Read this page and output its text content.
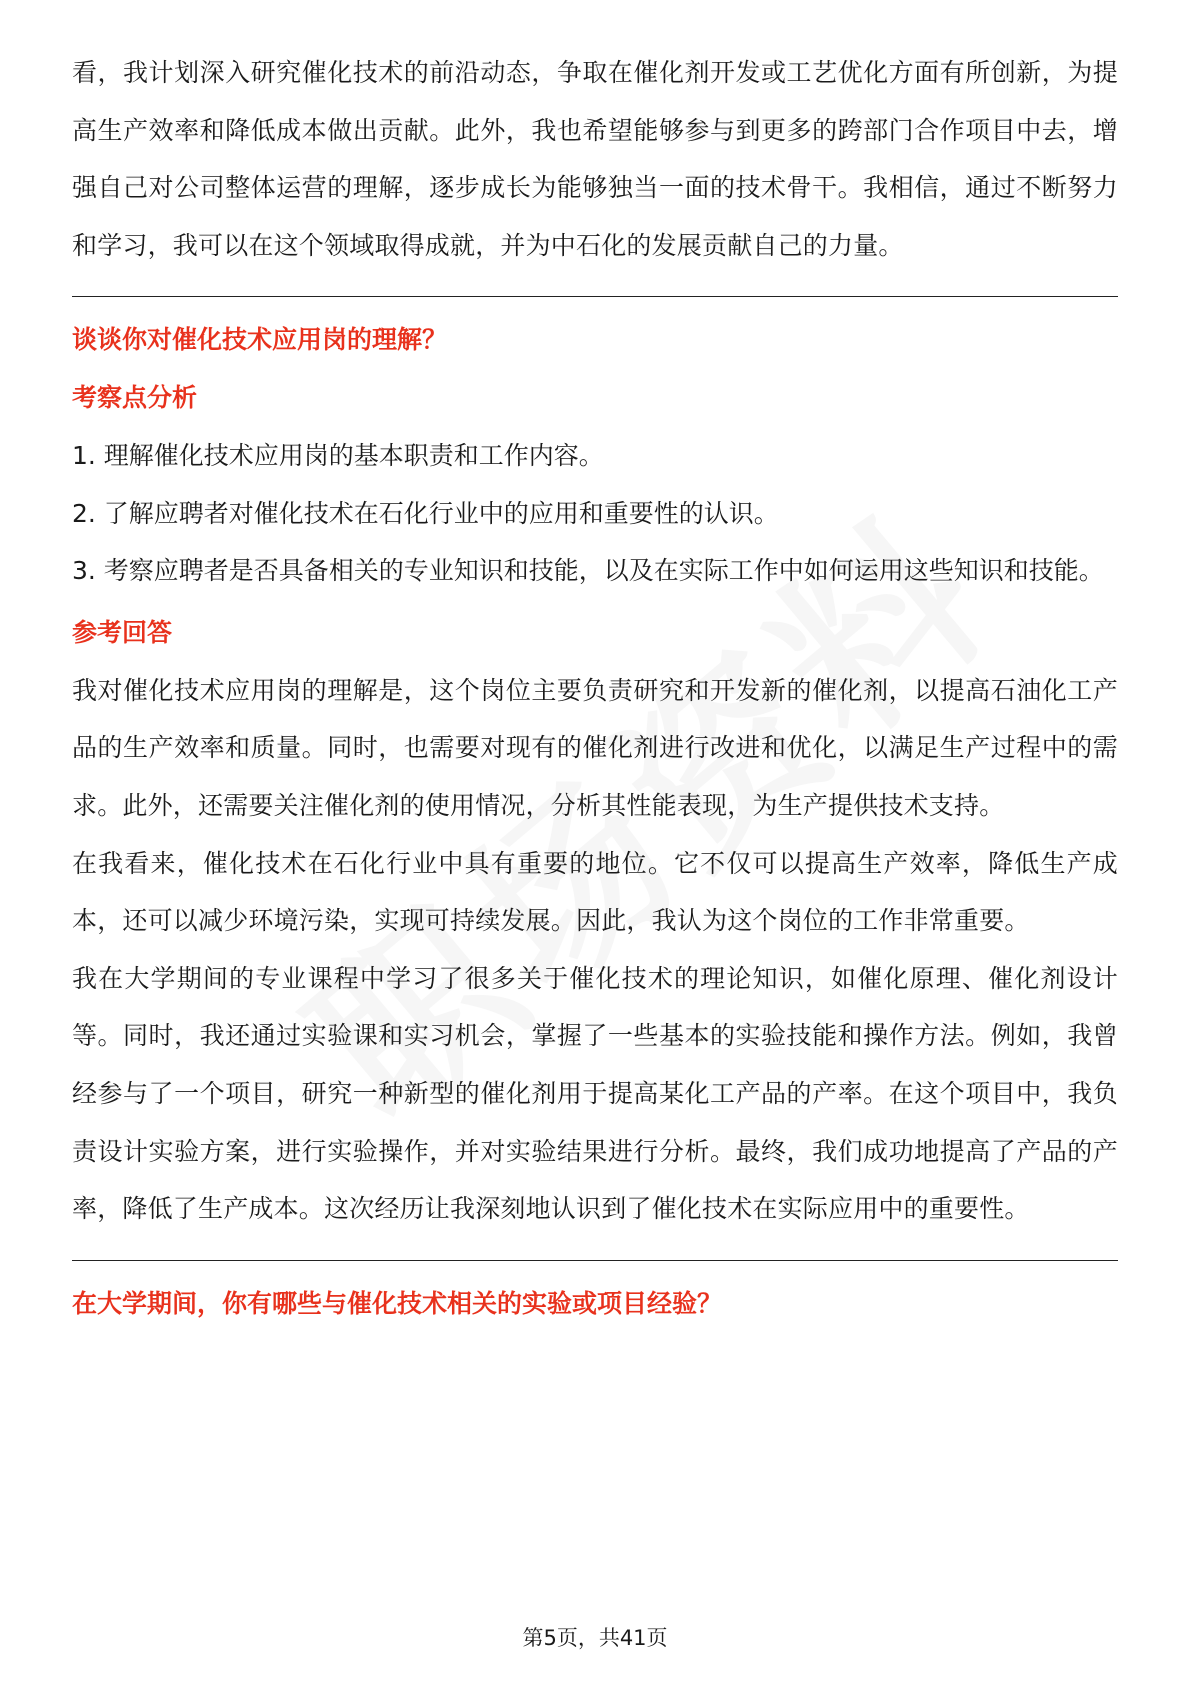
看，我计划深入研究催化技术的前沿动态，争取在催化剂开发或工艺优化方面有所创新，为提高生产效率和降低成本做出贡献。此外，我也希望能够参与到更多的跨部门合作项目中去，增强自己对公司整体运营的理解，逐步成长为能够独当一面的技术骨干。我相信，通过不断努力和学习，我可以在这个领域取得成就，并为中石化的发展贡献自己的力量。

谈谈你对催化技术应用岗的理解？

考察点分析

1. 理解催化技术应用岗的基本职责和工作内容。

2. 了解应聘者对催化技术在石化行业中的应用和重要性的认识。

3. 考察应聘者是否具备相关的专业知识和技能，以及在实际工作中如何运用这些知识和技能。

参考回答

我对催化技术应用岗的理解是，这个岗位主要负责研究和开发新的催化剂，以提高石油化工产品的生产效率和质量。同时，也需要对现有的催化剂进行改进和优化，以满足生产过程中的需求。此外，还需要关注催化剂的使用情况，分析其性能表现，为生产提供技术支持。

在我看来，催化技术在石化行业中具有重要的地位。它不仅可以提高生产效率，降低生产成本，还可以减少环境污染，实现可持续发展。因此，我认为这个岗位的工作非常重要。

我在大学期间的专业课程中学习了很多关于催化技术的理论知识，如催化原理、催化剂设计等。同时，我还通过实验课和实习机会，掌握了一些基本的实验技能和操作方法。例如，我曾经参与了一个项目，研究一种新型的催化剂用于提高某化工产品的产率。在这个项目中，我负责设计实验方案，进行实验操作，并对实验结果进行分析。最终，我们成功地提高了产品的产率，降低了生产成本。这次经历让我深刻地认识到了催化技术在实际应用中的重要性。

在大学期间，你有哪些与催化技术相关的实验或项目经验？

第5页，共41页
